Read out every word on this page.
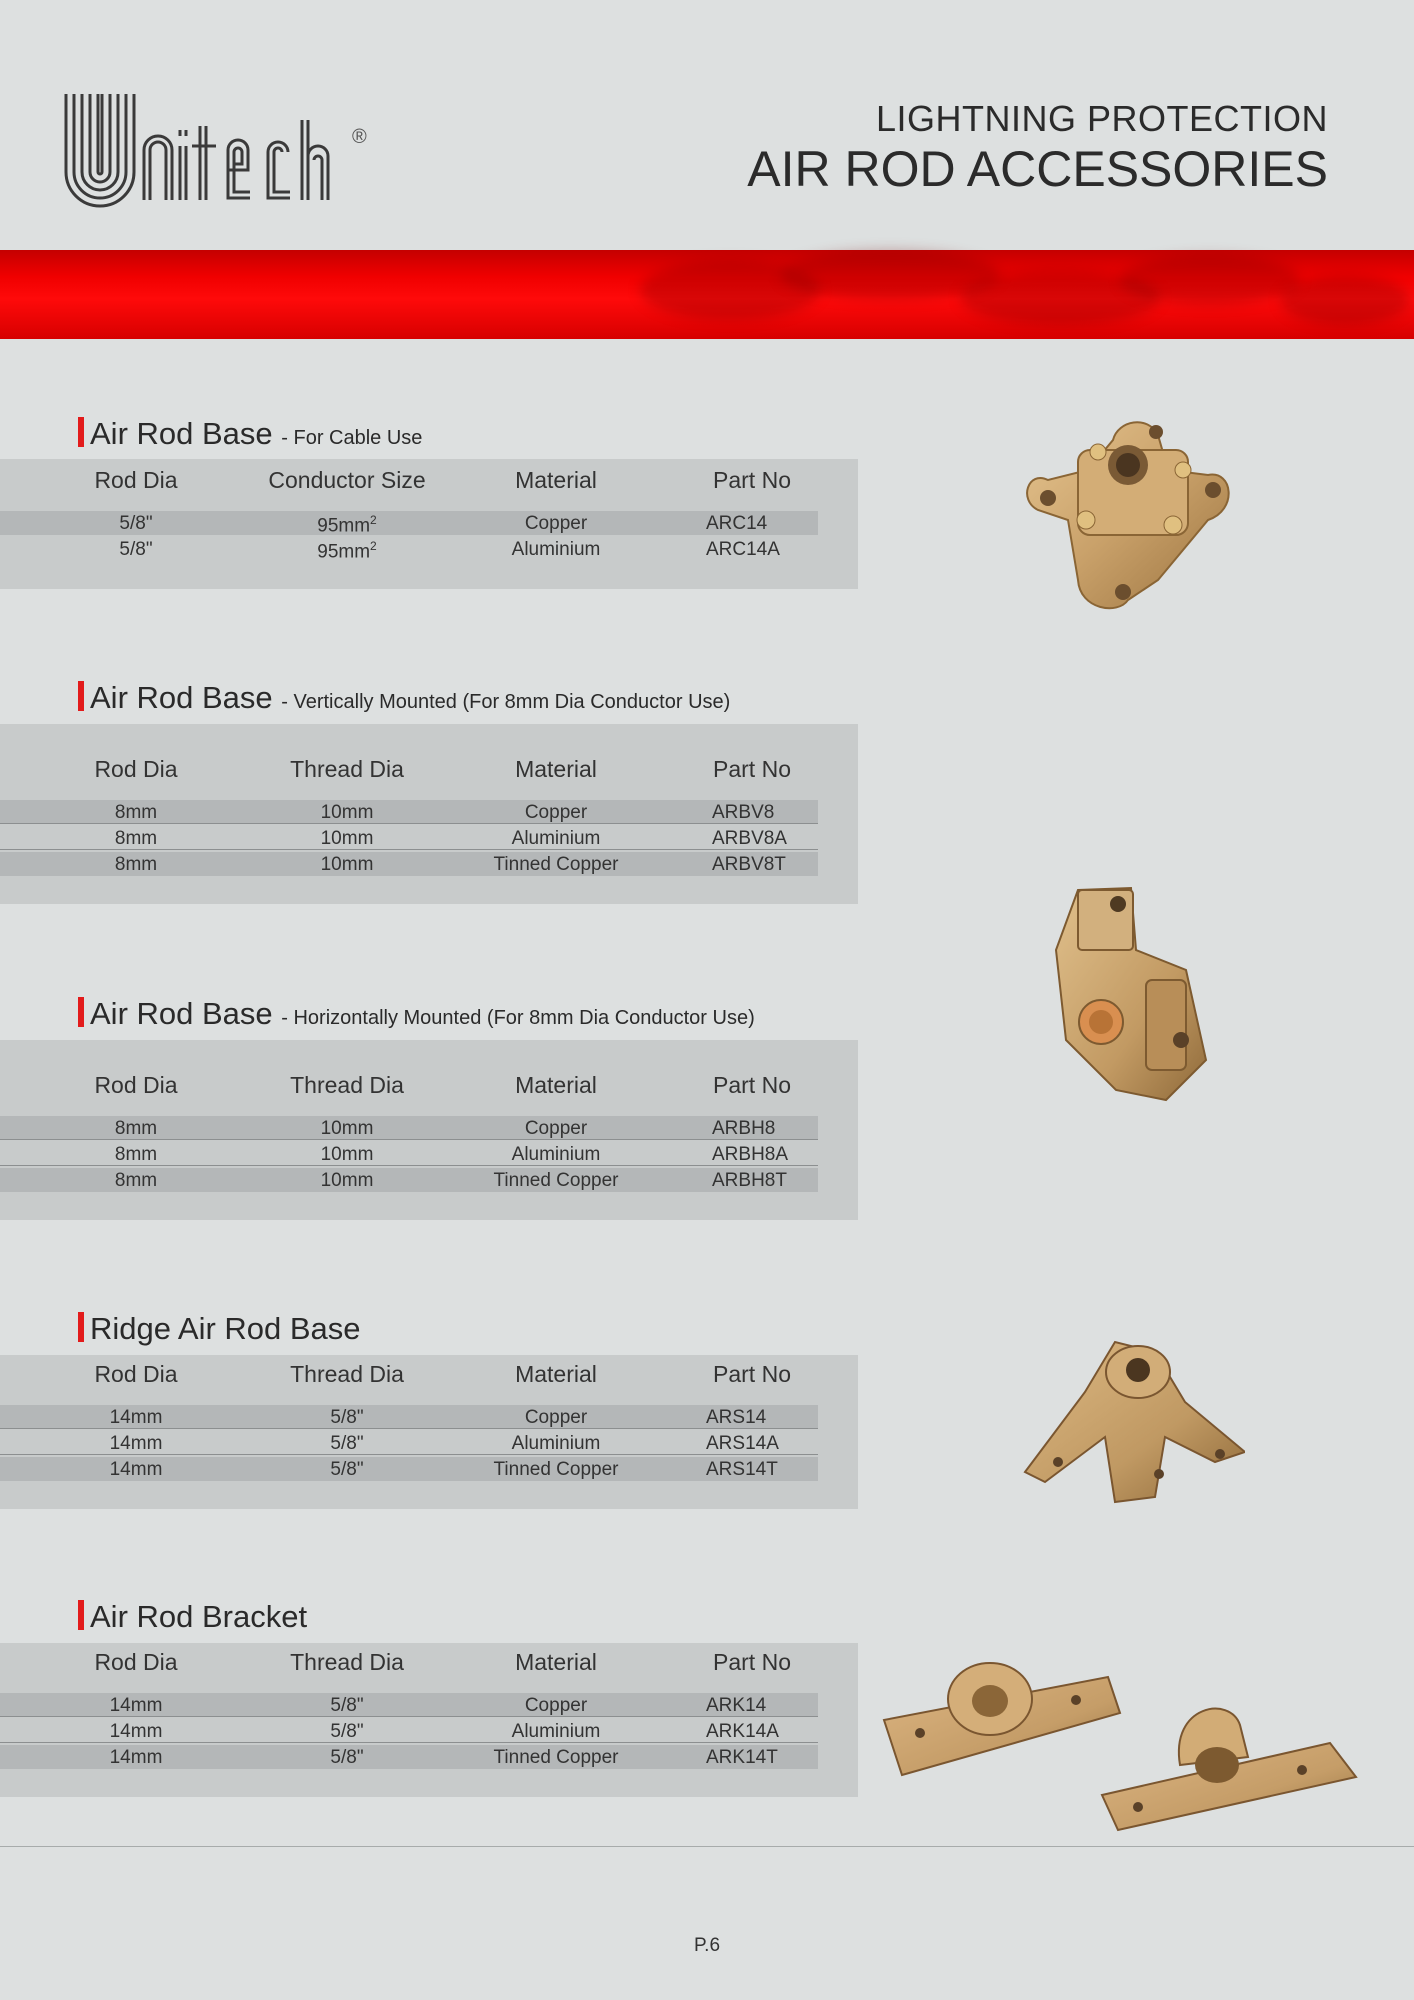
®	LIGHTNING PROTECTION
AIR ROD ACCESSORIES
Air Rod Base - For Cable Use
Rod Dia	Conductor Size	Material	Part No
5/8"	$95mm^2$	Copper	ARC14
5/8"	$95mm^2$	Aluminium	ARC14A
Air Rod Base - Vertically Mounted (For 8mm Dia Conductor Use)
Rod Dia	Thread Dia	Material	Part No
8mm	10mm	Copper	ARBV8
8mm	10mm	Aluminium	ARBV8A
8mm	10mm	Tinned Copper	ARBV8T
Air Rod Base - Horizontally Mounted (For 8mm Dia Conductor Use)
Rod Dia	Thread Dia	Material	Part No
8mm	10mm	Copper	ARBH8
8mm	10mm	Aluminium	ARBH8A
8mm	10mm	Tinned Copper	ARBH8T
Ridge Air Rod Base
Rod Dia	Thread Dia	Material	Part No
14mm	5/8"	Copper	ARS14
14mm	5/8"	Aluminium	ARS14A
14mm	5/8"	Tinned Copper	ARS14T
Air Rod Bracket
Rod Dia	Thread Dia	Material	Part No
14mm	5/8"	Copper	ARK14
14mm	5/8"	Aluminium	ARK14A
14mm	5/8"	Tinned Copper	ARK14T
P.6
